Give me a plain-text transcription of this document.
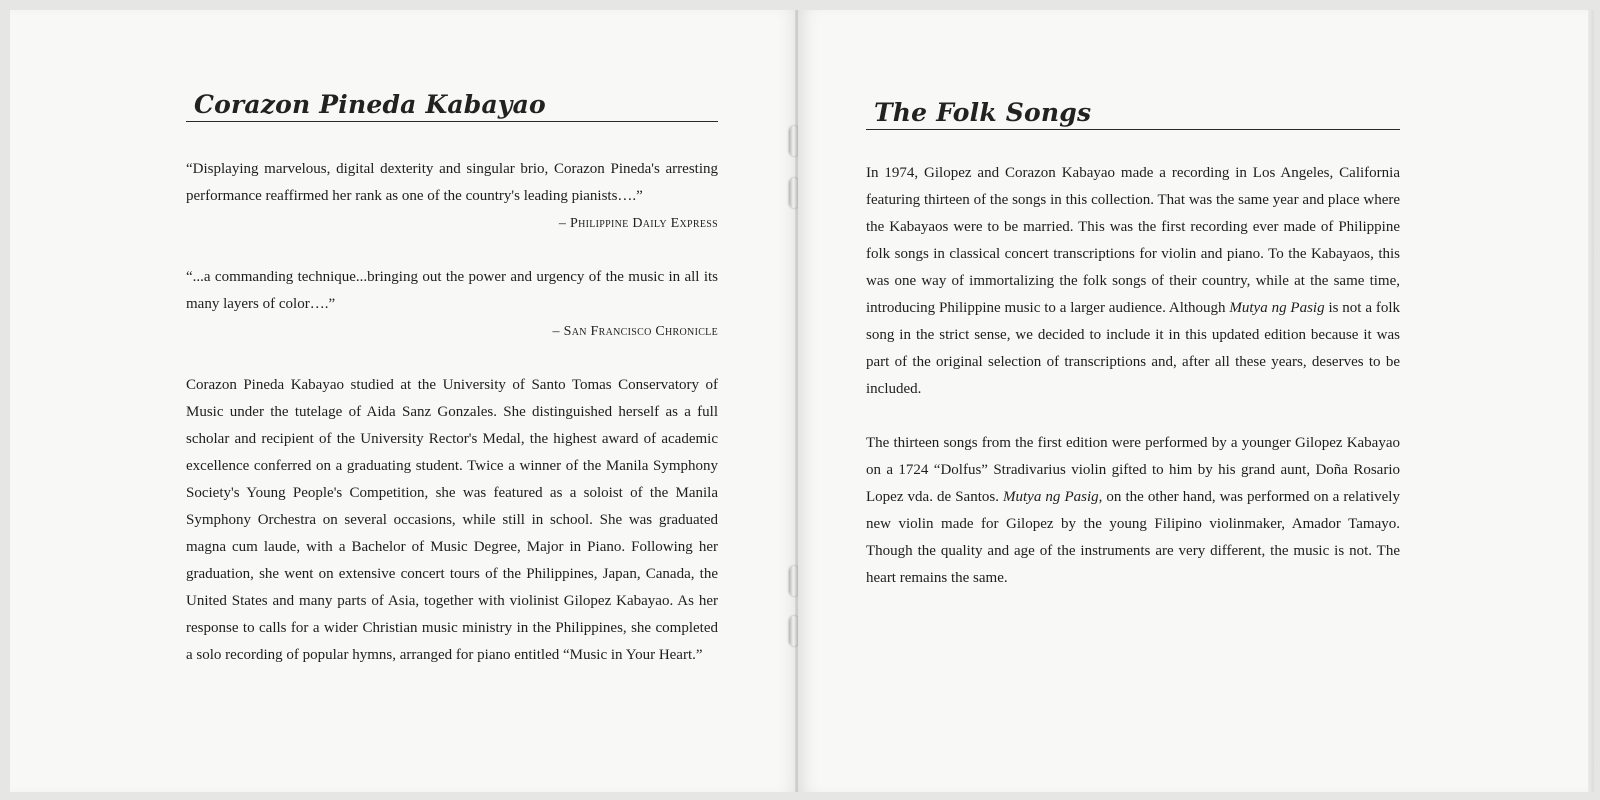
Corazon Pineda Kabayao

“Displaying marvelous, digital dexterity and singular brio, Corazon Pineda's arresting performance reaffirmed her rank as one of the country's leading pianists….”

– Philippine Daily Express

“...a commanding technique...bringing out the power and urgency of the music in all its many layers of color….”

– San Francisco Chronicle

Corazon Pineda Kabayao studied at the University of Santo Tomas Conservatory of Music under the tutelage of Aida Sanz Gonzales. She distinguished herself as a full scholar and recipient of the University Rector's Medal, the highest award of academic excellence conferred on a graduating student. Twice a winner of the Manila Symphony Society's Young People's Competition, she was featured as a soloist of the Manila Symphony Orchestra on several occasions, while still in school. She was graduated magna cum laude, with a Bachelor of Music Degree, Major in Piano. Following her graduation, she went on extensive concert tours of the Philippines, Japan, Canada, the United States and many parts of Asia, together with violinist Gilopez Kabayao. As her response to calls for a wider Christian music ministry in the Philippines, she completed a solo recording of popular hymns, arranged for piano entitled “Music in Your Heart.”

The Folk Songs

In 1974, Gilopez and Corazon Kabayao made a recording in Los Angeles, California featuring thirteen of the songs in this collection. That was the same year and place where the Kabayaos were to be married. This was the first recording ever made of Philippine folk songs in classical concert transcriptions for violin and piano. To the Kabayaos, this was one way of immortalizing the folk songs of their country, while at the same time, introducing Philippine music to a larger audience. Although Mutya ng Pasig is not a folk song in the strict sense, we decided to include it in this updated edition because it was part of the original selection of transcriptions and, after all these years, deserves to be included.

The thirteen songs from the first edition were performed by a younger Gilopez Kabayao on a 1724 “Dolfus” Stradivarius violin gifted to him by his grand aunt, Doña Rosario Lopez vda. de Santos. Mutya ng Pasig, on the other hand, was performed on a relatively new violin made for Gilopez by the young Filipino violinmaker, Amador Tamayo. Though the quality and age of the instruments are very different, the music is not. The heart remains the same.
